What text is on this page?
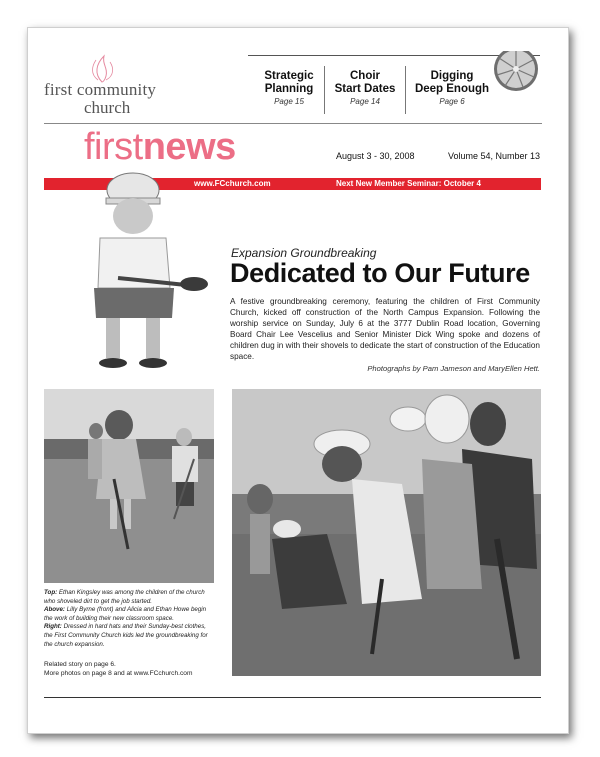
first community
church
Strategic
Planning
Page 15
Choir
Start Dates
Page 14
Digging
Deep Enough
Page 6
firstnews	August 3 - 30, 2008	Volume 54, Number 13
www.FCchurch.com	Next New Member Seminar: October 4
Expansion Groundbreaking
Dedicated to Our Future
A festive groundbreaking ceremony, featuring the children of First Community Church, kicked off construction of the North Campus Expansion. Following the worship service on Sunday, July 6 at the 3777 Dublin Road location, Governing Board Chair Lee Vescelius and Senior Minister Dick Wing spoke and dozens of children dug in with their shovels to dedicate the start of construction of the Education space.
Photographs by Pam Jameson and MaryEllen Hett.
Top: Ethan Kingsley was among the children of the church who shoveled dirt to get the job started.
Above: Lilly Byrne (front) and Alicia and Ethan Howe begin the work of building their new classroom space.
Right: Dressed in hard hats and their Sunday-best clothes, the First Community Church kids led the groundbreaking for the church expansion.
Related story on page 6.
More photos on page 8 and at www.FCchurch.com
